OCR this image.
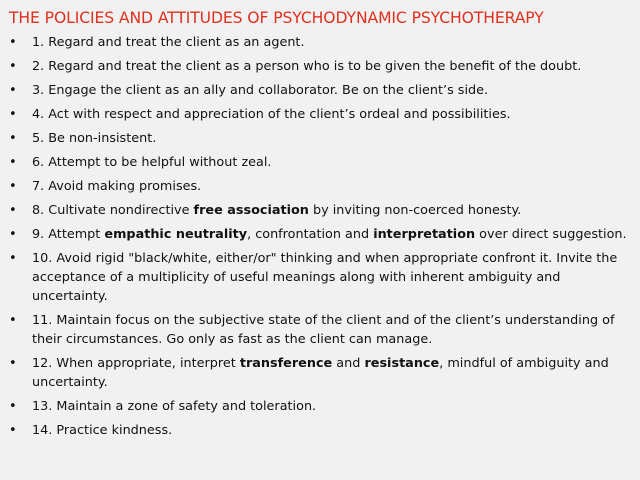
THE POLICIES AND ATTITUDES OF PSYCHODYNAMIC PSYCHOTHERAPY
• 1. Regard and treat the client as an agent.
• 2. Regard and treat the client as a person who is to be given the benefit of the doubt.
• 3. Engage the client as an ally and collaborator. Be on the client’s side.
• 4. Act with respect and appreciation of the client’s ordeal and possibilities.
• 5. Be non-insistent.
• 6. Attempt to be helpful without zeal.
• 7. Avoid making promises.
• 8. Cultivate nondirective free association by inviting non-coerced honesty.
• 9. Attempt empathic neutrality, confrontation and interpretation over direct suggestion.
• 10. Avoid rigid "black/white, either/or" thinking and when appropriate confront it. Invite the acceptance of a multiplicity of useful meanings along with inherent ambiguity and uncertainty.
• 11. Maintain focus on the subjective state of the client and of the client’s understanding of their circumstances. Go only as fast as the client can manage.
• 12. When appropriate, interpret transference and resistance, mindful of ambiguity and uncertainty.
• 13. Maintain a zone of safety and toleration.
• 14. Practice kindness.
